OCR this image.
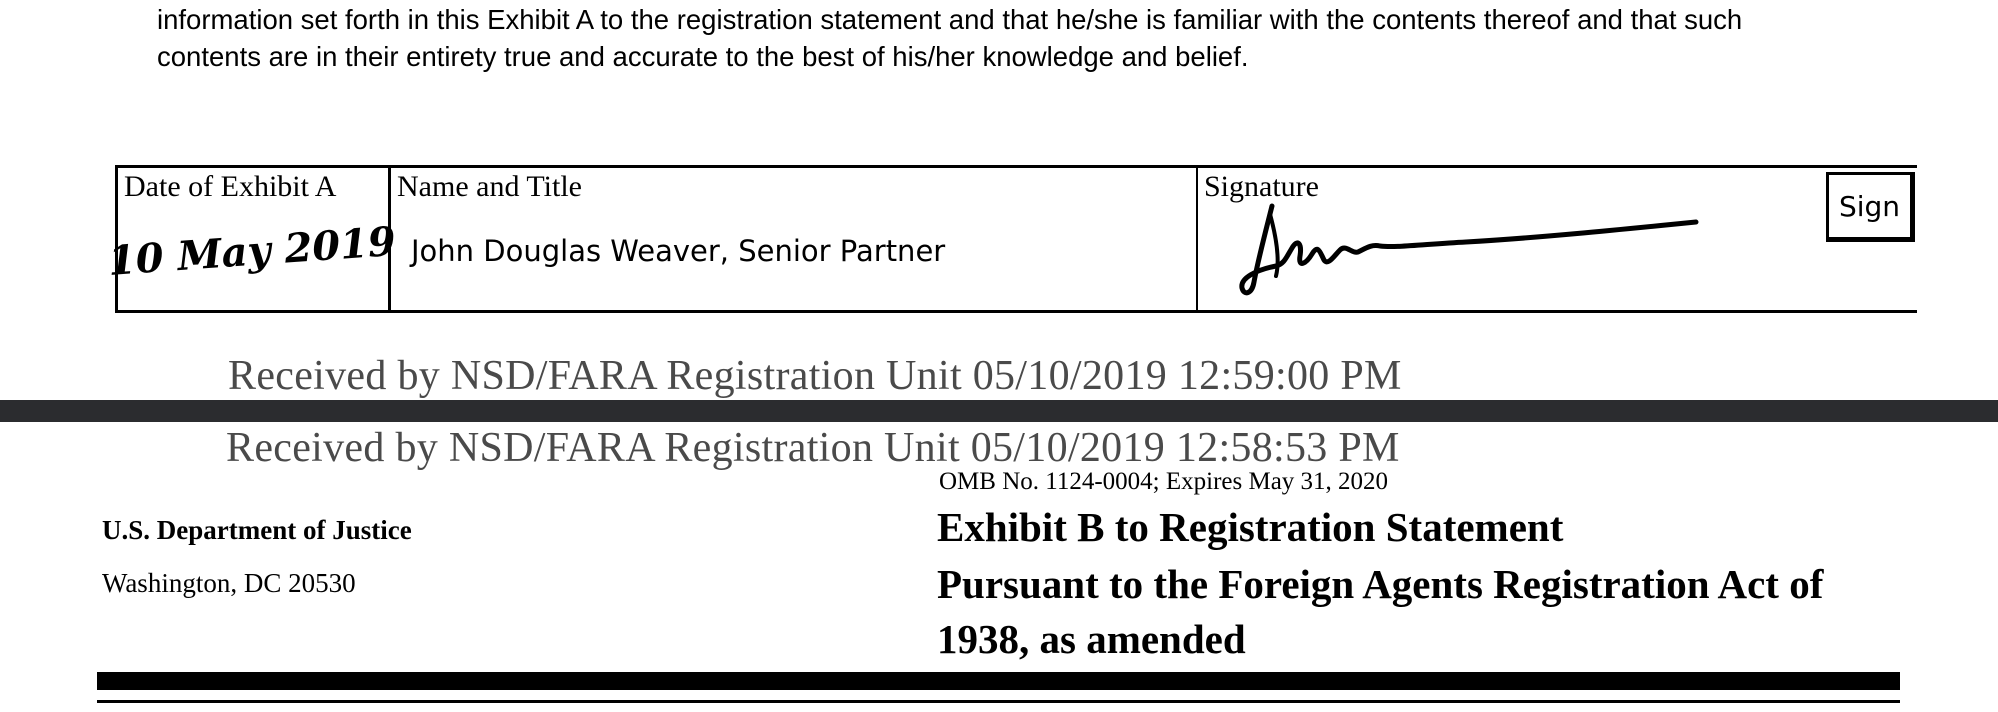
information set forth in this Exhibit A to the registration statement and that he/she is familiar with the contents thereof and that such
contents are in their entirety true and accurate to the best of his/her knowledge and belief.
Date of Exhibit A
10 May 2019
Name and Title
John Douglas Weaver, Senior Partner
Signature
Sign
Received by NSD/FARA Registration Unit 05/10/2019 12:59:00 PM
Received by NSD/FARA Registration Unit 05/10/2019 12:58:53 PM
OMB No. 1124-0004; Expires May 31, 2020
U.S. Department of Justice
Washington, DC 20530
Exhibit B to Registration Statement
Pursuant to the Foreign Agents Registration Act of
1938, as amended
